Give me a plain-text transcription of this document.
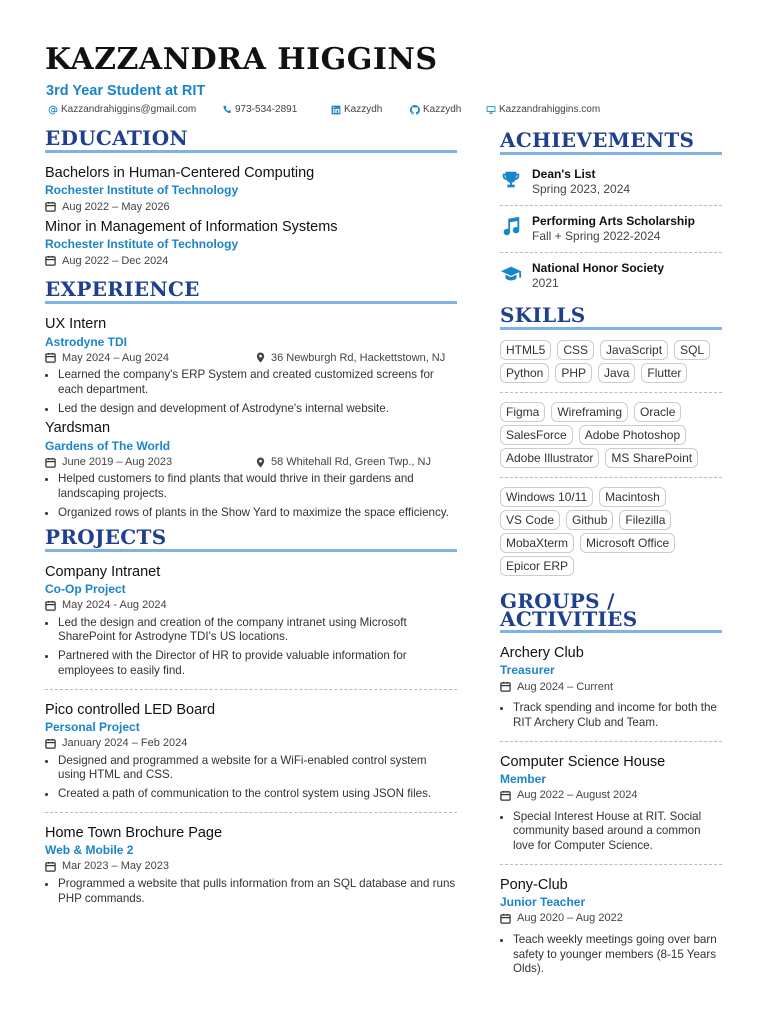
KAZZANDRA HIGGINS
3rd Year Student at RIT
Kazzandrahiggins@gmail.com	973-534-2891	Kazzydh	Kazzydh	Kazzandrahiggins.com
EDUCATION
Bachelors in Human-Centered Computing
Rochester Institute of Technology
Aug 2022 – May 2026
Minor in Management of Information Systems
Rochester Institute of Technology
Aug 2022 – Dec 2024
EXPERIENCE
UX Intern
Astrodyne TDI
May 2024 – Aug 2024	36 Newburgh Rd, Hackettstown, NJ
• Learned the company's ERP System and created customized screens for each department.
• Led the design and development of Astrodyne's internal website.
Yardsman
Gardens of The World
June 2019 – Aug 2023	58 Whitehall Rd, Green Twp., NJ
• Helped customers to find plants that would thrive in their gardens and landscaping projects.
• Organized rows of plants in the Show Yard to maximize the space efficiency.
PROJECTS
Company Intranet
Co-Op Project
May 2024 - Aug 2024
• Led the design and creation of the company intranet using Microsoft SharePoint for Astrodyne TDI's US locations.
• Partnered with the Director of HR to provide valuable information for employees to easily find.
Pico controlled LED Board
Personal Project
January 2024 – Feb 2024
• Designed and programmed a website for a WiFi-enabled control system using HTML and CSS.
• Created a path of communication to the control system using JSON files.
Home Town Brochure Page
Web & Mobile 2
Mar 2023 – May 2023
• Programmed a website that pulls information from an SQL database and runs PHP commands.
ACHIEVEMENTS
Dean's List
Spring 2023, 2024
Performing Arts Scholarship
Fall + Spring 2022-2024
National Honor Society
2021
SKILLS
HTML5	CSS	JavaScript	SQL
Python	PHP	Java	Flutter
Figma	Wireframing	Oracle
SalesForce	Adobe Photoshop
Adobe Illustrator	MS SharePoint
Windows 10/11	Macintosh
VS Code	Github	Filezilla
MobaXterm	Microsoft Office
Epicor ERP
GROUPS / ACTIVITIES
Archery Club
Treasurer
Aug 2024 – Current
• Track spending and income for both the RIT Archery Club and Team.
Computer Science House
Member
Aug 2022 – August 2024
• Special Interest House at RIT. Social community based around a common love for Computer Science.
Pony-Club
Junior Teacher
Aug 2020 – Aug 2022
• Teach weekly meetings going over barn safety to younger members (8-15 Years Olds).
